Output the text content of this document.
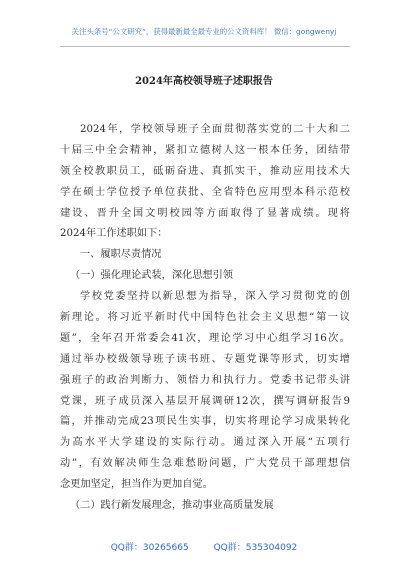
关注头条号“公文研究”，获得最新最全最专业的公文资料库！ 微信：gongwenyj
2024年高校领导班子述职报告
2024年，学校领导班子全面贯彻落实党的二十大和二
十届三中全会精神，紧扣立德树人这一根本任务，团结带
领全校教职员工，砥砺奋进、真抓实干，推动应用技术大
学在硕士学位授予单位获批、全省特色应用型本科示范校
建设、晋升全国文明校园等方面取得了显著成绩。现将
2024年工作述职如下：
一、履职尽责情况
（一）强化理论武装，深化思想引领
学校党委坚持以新思想为指导，深入学习贯彻党的创
新理论。将习近平新时代中国特色社会主义思想“第一议
题”，全年召开常委会41次，理论学习中心组学习16次。
通过举办校级领导班子读书班、专题党课等形式，切实增
强班子的政治判断力、领悟力和执行力。党委书记带头讲
党课，班子成员深入基层开展调研12次，撰写调研报告9
篇，并推动完成23项民生实事，切实将理论学习成果转化
为高水平大学建设的实际行动。通过深入开展“五项行
动”，有效解决师生急难愁盼问题，广大党员干部理想信
念更加坚定，担当作为更加自觉。
（二）践行新发展理念，推动事业高质量发展
QQ群：30265665	QQ群：535304092
